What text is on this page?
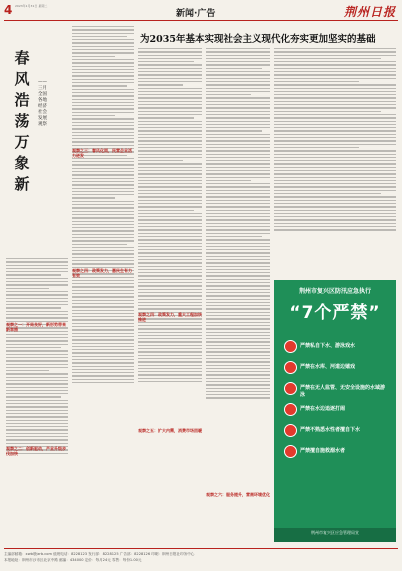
4 2023年1月31日 星期二
新闻·广告	荆州日报
春风浩荡万象新
——三月全国各地经济社会发展观察
观察之一：开局良好，新形势带来新举措
观察之二：创新驱动，产业升级步伐加快
观察之三：春风化雨，民营企业活力迸发
观察之四：政策发力，惠民生有力有效
为2035年基本实现社会主义现代化夯实更加坚实的基础
观察之四：政策发力，重大工程加快推进
观察之五：扩大内需，消费市场回暖
观察之六：服务提升，营商环境优化
荆州市复兴区防汛应急执行
“7个严禁”
严禁私自下水、游泳戏水
严禁在水库、河道边嬉戏
严禁在无人监管、无安全设施的水域游泳
严禁在水边追逐打闹
严禁不熟悉水性者擅自下水
严禁擅自施救溺水者
荆州市复兴区应急管理局宣
主编部邮箱：xwb@jzrb.com 值班电话：8228123 发行部：8228125 广告部：8228126 印刷：荆州日报社印务中心
本报地址：荆州市沙市区北京中路 邮编：434000 定价：每月24元 零售：每份1.00元
